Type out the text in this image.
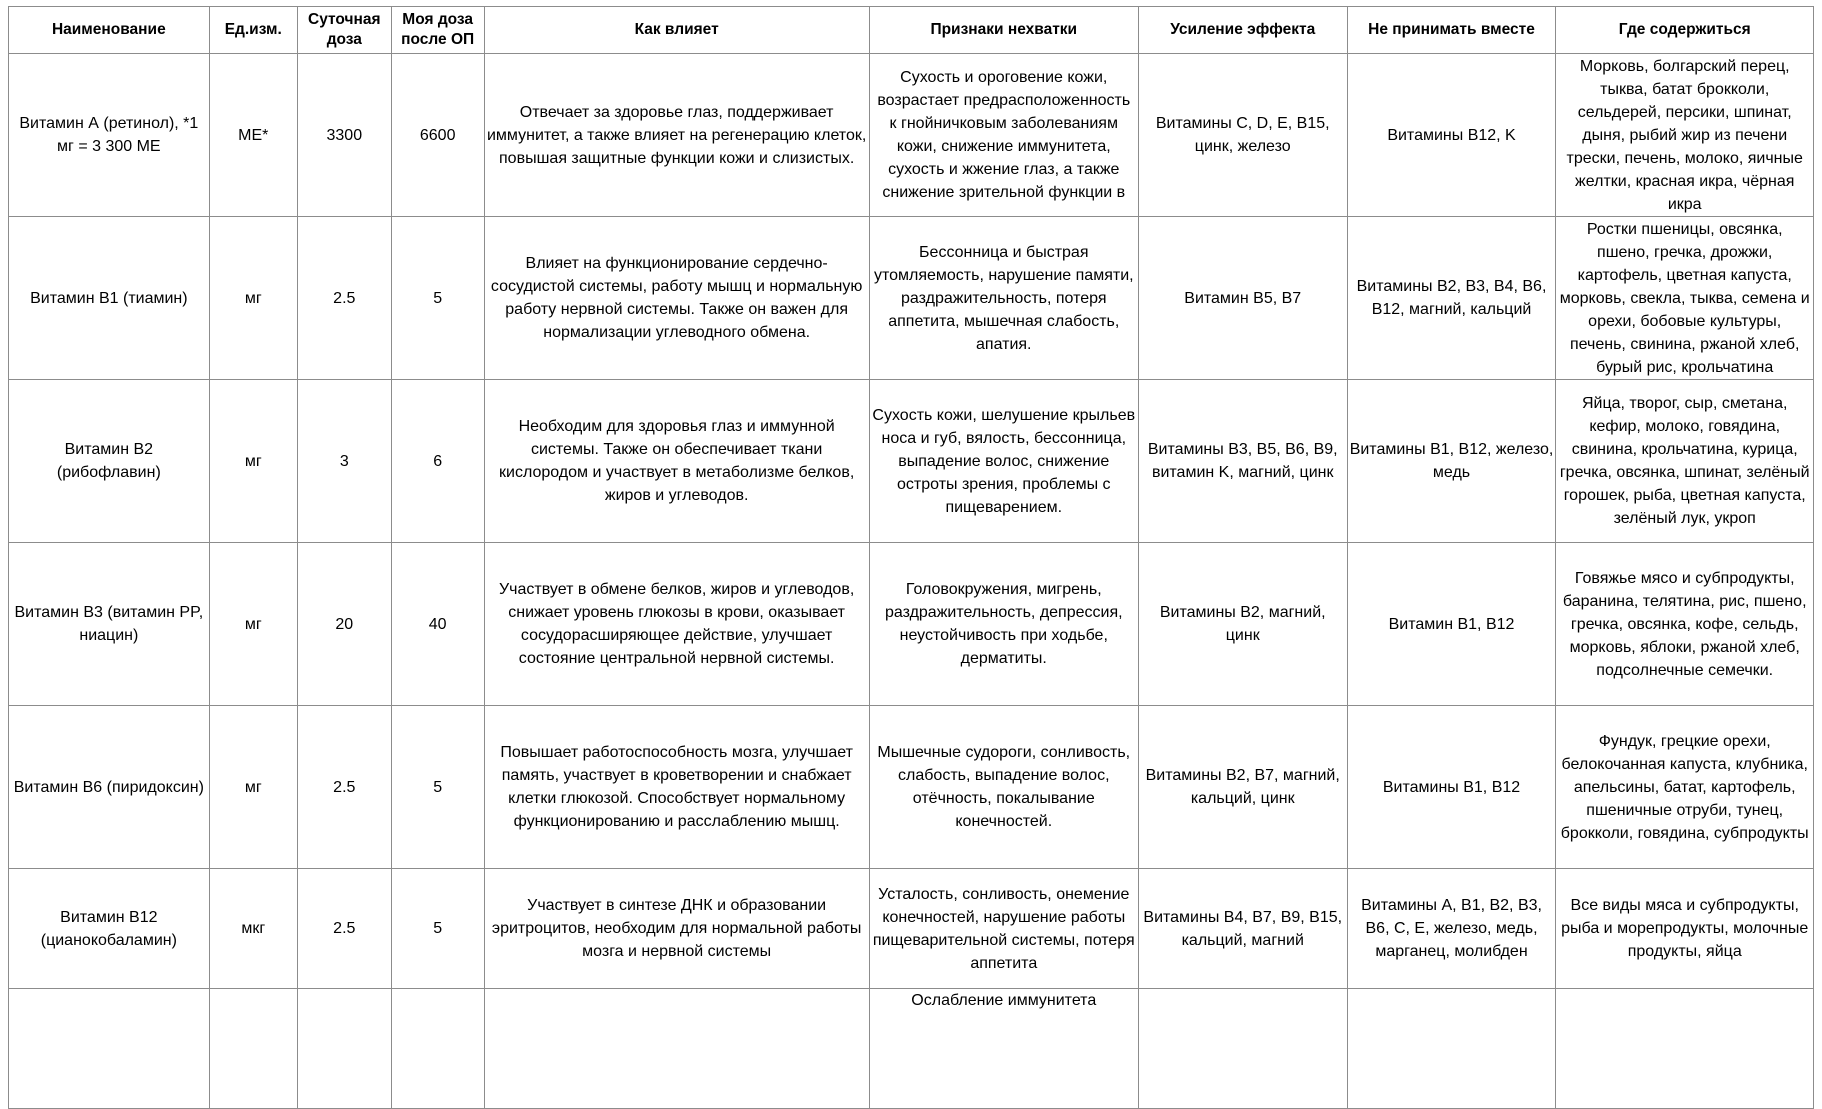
Наименование	Ед.изм.	Суточная доза	Моя доза после ОП	Как влияет	Признаки нехватки	Усиление эффекта	Не принимать вместе	Где содержиться
Витамин А (ретинол), *1 мг = 3 300 МЕ	МЕ*	3300	6600	Отвечает за здоровье глаз, поддерживает иммунитет, а также влияет на регенерацию клеток, повышая защитные функции кожи и слизистых.	Сухость и ороговение кожи, возрастает предрасположенность к гнойничковым заболеваниям кожи, снижение иммунитета, сухость и жжение глаз, а также снижение зрительной функции в	Витамины C, D, E, B15, цинк, железо	Витамины B12, K	Морковь, болгарский перец, тыква, батат брокколи, сельдерей, персики, шпинат, дыня, рыбий жир из печени трески, печень, молоко, яичные желтки, красная икра, чёрная икра

Витамин B1 (тиамин)	мг	2.5	5	Влияет на функционирование сердечно-сосудистой системы, работу мышц и нормальную работу нервной системы. Также он важен для нормализации углеводного обмена.	Бессонница и быстрая утомляемость, нарушение памяти, раздражительность, потеря аппетита, мышечная слабость, апатия.	Витамин В5, В7	Витамины B2, B3, B4, B6, B12, магний, кальций	Ростки пшеницы, овсянка, пшено, гречка, дрожжи, картофель, цветная капуста, морковь, свекла, тыква, семена и орехи, бобовые культуры, печень, свинина, ржаной хлеб, бурый рис, крольчатина

Витамин B2 (рибофлавин)	мг	3	6	Необходим для здоровья глаз и иммунной системы. Также он обеспечивает ткани кислородом и участвует в метаболизме белков, жиров и углеводов.	Сухость кожи, шелушение крыльев носа и губ, вялость, бессонница, выпадение волос, снижение остроты зрения, проблемы с пищеварением.	Витамины B3, B5, B6, B9, витамин K, магний, цинк	Витамины B1, B12, железо, медь	Яйца, творог, сыр, сметана, кефир, молоко, говядина, свинина, крольчатина, курица, гречка, овсянка, шпинат, зелёный горошек, рыба, цветная капуста, зелёный лук, укроп

Витамин B3 (витамин PP, ниацин)	мг	20	40	Участвует в обмене белков, жиров и углеводов, снижает уровень глюкозы в крови, оказывает сосудорасширяющее действие, улучшает состояние центральной нервной системы.	Головокружения, мигрень, раздражительность, депрессия, неустойчивость при ходьбе, дерматиты.	Витамины B2, магний, цинк	Витамин B1, B12	Говяжье мясо и субпродукты, баранина, телятина, рис, пшено, гречка, овсянка, кофе, сельдь, морковь, яблоки, ржаной хлеб, подсолнечные семечки.

Витамин B6 (пиридоксин)	мг	2.5	5	Повышает работоспособность мозга, улучшает память, участвует в кроветворении и снабжает клетки глюкозой. Способствует нормальному функционированию и расслаблению мышц.	Мышечные судороги, сонливость, слабость, выпадение волос, отёчность, покалывание конечностей.	Витамины B2, B7, магний, кальций, цинк	Витамины B1, B12	Фундук, грецкие орехи, белокочанная капуста, клубника, апельсины, батат, картофель, пшеничные отруби, тунец, брокколи, говядина, субпродукты

Витамин B12 (цианокобаламин)	мкг	2.5	5	Участвует в синтезе ДНК и образовании эритроцитов, необходим для нормальной работы мозга и нервной системы	Усталость, сонливость, онемение конечностей, нарушение работы пищеварительной системы, потеря аппетита	Витамины B4, B7, B9, B15, кальций, магний	Витамины A, B1, B2, B3, B6, C, E, железо, медь, марганец, молибден	Все виды мяса и субпродукты, рыба и морепродукты, молочные продукты, яйца
					Ослабление иммунитета			
